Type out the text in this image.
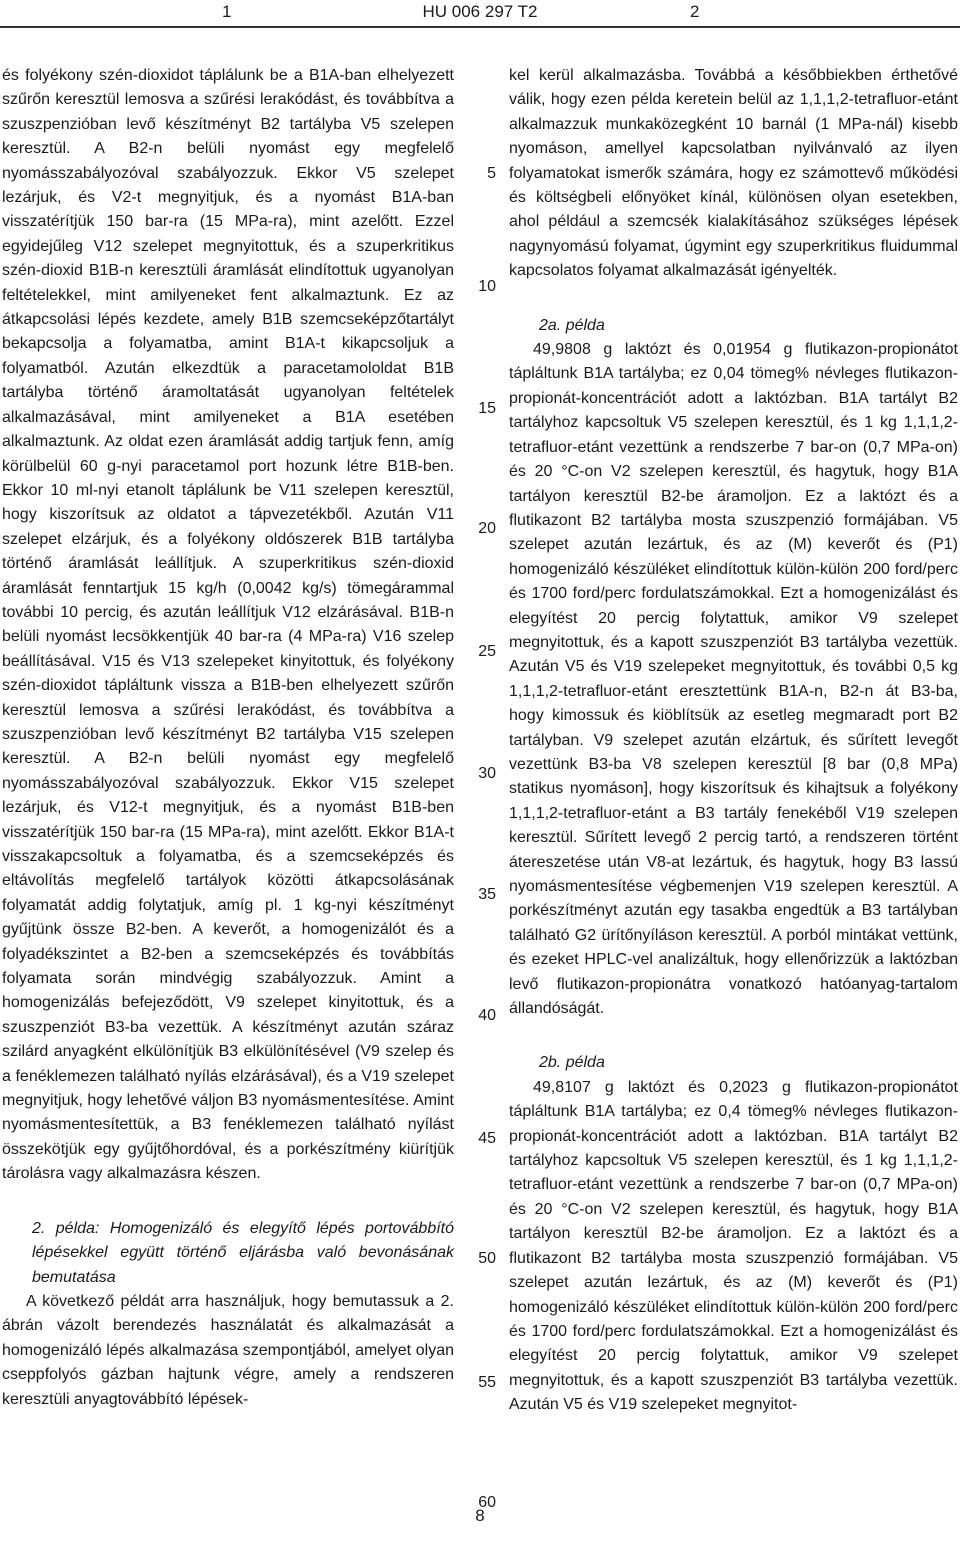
1	HU 006 297 T2	2

és folyékony szén-dioxidot táplálunk be a B1A-ban elhelyezett szűrőn keresztül lemosva a szűrési lerakódást, és továbbítva a szuszpenzióban levő készítményt B2 tartályba V5 szelepen keresztül. A B2-n belüli nyomást egy megfelelő nyomásszabályozóval szabályozzuk. Ekkor V5 szelepet lezárjuk, és V2-t megnyitjuk, és a nyomást B1A-ban visszatérítjük 150 bar-ra (15 MPa-ra), mint azelőtt. Ezzel egyidejűleg V12 szelepet megnyitottuk, és a szuperkritikus szén-dioxid B1B-n keresztüli áramlását elindítottuk ugyanolyan feltételekkel, mint amilyeneket fent alkalmaztunk. Ez az átkapcsolási lépés kezdete, amely B1B szemcseképzőtartályt bekapcsolja a folyamatba, amint B1A-t kikapcsoljuk a folyamatból. Azután elkezdtük a paracetamololdat B1B tartályba történő áramoltatását ugyanolyan feltételek alkalmazásával, mint amilyeneket a B1A esetében alkalmaztunk. Az oldat ezen áramlását addig tartjuk fenn, amíg körülbelül 60 g-nyi paracetamol port hozunk létre B1B-ben. Ekkor 10 ml-nyi etanolt táplálunk be V11 szelepen keresztül, hogy kiszorítsuk az oldatot a tápvezetékből. Azután V11 szelepet elzárjuk, és a folyékony oldószerek B1B tartályba történő áramlását leállítjuk. A szuperkritikus szén-dioxid áramlását fenntartjuk 15 kg/h (0,0042 kg/s) tömegárammal további 10 percig, és azután leállítjuk V12 elzárásával. B1B-n belüli nyomást lecsökkentjük 40 bar-ra (4 MPa-ra) V16 szelep beállításával. V15 és V13 szelepeket kinyitottuk, és folyékony szén-dioxidot tápláltunk vissza a B1B-ben elhelyezett szűrőn keresztül lemosva a szűrési lerakódást, és továbbítva a szuszpenzióban levő készítményt B2 tartályba V15 szelepen keresztül. A B2-n belüli nyomást egy megfelelő nyomásszabályozóval szabályozzuk. Ekkor V15 szelepet lezárjuk, és V12-t megnyitjuk, és a nyomást B1B-ben visszatérítjük 150 bar-ra (15 MPa-ra), mint azelőtt. Ekkor B1A-t visszakapcsoltuk a folyamatba, és a szemcseképzés és eltávolítás megfelelő tartályok közötti átkapcsolásának folyamatát addig folytatjuk, amíg pl. 1 kg-nyi készítményt gyűjtünk össze B2-ben. A keverőt, a homogenizálót és a folyadékszintet a B2-ben a szemcseképzés és továbbítás folyamata során mindvégig szabályozzuk. Amint a homogenizálás befejeződött, V9 szelepet kinyitottuk, és a szuszpenziót B3-ba vezettük. A készítményt azután száraz szilárd anyagként elkülönítjük B3 elkülönítésével (V9 szelep és a fenéklemezen található nyílás elzárásával), és a V19 szelepet megnyitjuk, hogy lehetővé váljon B3 nyomásmentesítése. Amint nyomásmentesítettük, a B3 fenéklemezen található nyílást összekötjük egy gyűjtőhordóval, és a porkészítmény kiürítjük tárolásra vagy alkalmazásra készen.

2. példa: Homogenizáló és elegyítő lépés portovábbító lépésekkel együtt történő eljárásba való bevonásának bemutatása

A következő példát arra használjuk, hogy bemutassuk a 2. ábrán vázolt berendezés használatát és alkalmazását a homogenizáló lépés alkalmazása szempontjából, amelyet olyan cseppfolyós gázban hajtunk végre, amely a rendszeren keresztüli anyagtovábbító lépések-

5
10
15
20
25
30
35
40
45
50
55
60

kel kerül alkalmazásba. Továbbá a későbbiekben érthetővé válik, hogy ezen példa keretein belül az 1,1,1,2-tetrafluor-etánt alkalmazzuk munkaközegként 10 barnál (1 MPa-nál) kisebb nyomáson, amellyel kapcsolatban nyilvánvaló az ilyen folyamatokat ismerők számára, hogy ez számottevő működési és költségbeli előnyöket kínál, különösen olyan esetekben, ahol például a szemcsék kialakításához szükséges lépések nagynyomású folyamat, úgymint egy szuperkritikus fluidummal kapcsolatos folyamat alkalmazását igényelték.

2a. példa

49,9808 g laktózt és 0,01954 g flutikazon-propionátot tápláltunk B1A tartályba; ez 0,04 tömeg% névleges flutikazon-propionát-koncentrációt adott a laktózban. B1A tartályt B2 tartályhoz kapcsoltuk V5 szelepen keresztül, és 1 kg 1,1,1,2-tetrafluor-etánt vezettünk a rendszerbe 7 bar-on (0,7 MPa-on) és 20 °C-on V2 szelepen keresztül, és hagytuk, hogy B1A tartályon keresztül B2-be áramoljon. Ez a laktózt és a flutikazont B2 tartályba mosta szuszpenzió formájában. V5 szelepet azután lezártuk, és az (M) keverőt és (P1) homogenizáló készüléket elindítottuk külön-külön 200 ford/perc és 1700 ford/perc fordulatszámokkal. Ezt a homogenizálást és elegyítést 20 percig folytattuk, amikor V9 szelepet megnyitottuk, és a kapott szuszpenziót B3 tartályba vezettük. Azután V5 és V19 szelepeket megnyitottuk, és további 0,5 kg 1,1,1,2-tetrafluor-etánt eresztettünk B1A-n, B2-n át B3-ba, hogy kimossuk és kiöblítsük az esetleg megmaradt port B2 tartályban. V9 szelepet azután elzártuk, és sűrített levegőt vezettünk B3-ba V8 szelepen keresztül [8 bar (0,8 MPa) statikus nyomáson], hogy kiszorítsuk és kihajtsuk a folyékony 1,1,1,2-tetrafluor-etánt a B3 tartály fenekéből V19 szelepen keresztül. Sűrített levegő 2 percig tartó, a rendszeren történt átereszetése után V8-at lezártuk, és hagytuk, hogy B3 lassú nyomásmentesítése végbemenjen V19 szelepen keresztül. A porkészítményt azután egy tasakba engedtük a B3 tartályban található G2 ürítőnyíláson keresztül. A porból mintákat vettünk, és ezeket HPLC-vel analizáltuk, hogy ellenőrizzük a laktózban levő flutikazon-propionátra vonatkozó hatóanyag-tartalom állandóságát.

2b. példa

49,8107 g laktózt és 0,2023 g flutikazon-propionátot tápláltunk B1A tartályba; ez 0,4 tömeg% névleges flutikazon-propionát-koncentrációt adott a laktózban. B1A tartályt B2 tartályhoz kapcsoltuk V5 szelepen keresztül, és 1 kg 1,1,1,2-tetrafluor-etánt vezettünk a rendszerbe 7 bar-on (0,7 MPa-on) és 20 °C-on V2 szelepen keresztül, és hagytuk, hogy B1A tartályon keresztül B2-be áramoljon. Ez a laktózt és a flutikazont B2 tartályba mosta szuszpenzió formájában. V5 szelepet azután lezártuk, és az (M) keverőt és (P1) homogenizáló készüléket elindítottuk külön-külön 200 ford/perc és 1700 ford/perc fordulatszámokkal. Ezt a homogenizálást és elegyítést 20 percig folytattuk, amikor V9 szelepet megnyitottuk, és a kapott szuszpenziót B3 tartályba vezettük. Azután V5 és V19 szelepeket megnyitot-

8
